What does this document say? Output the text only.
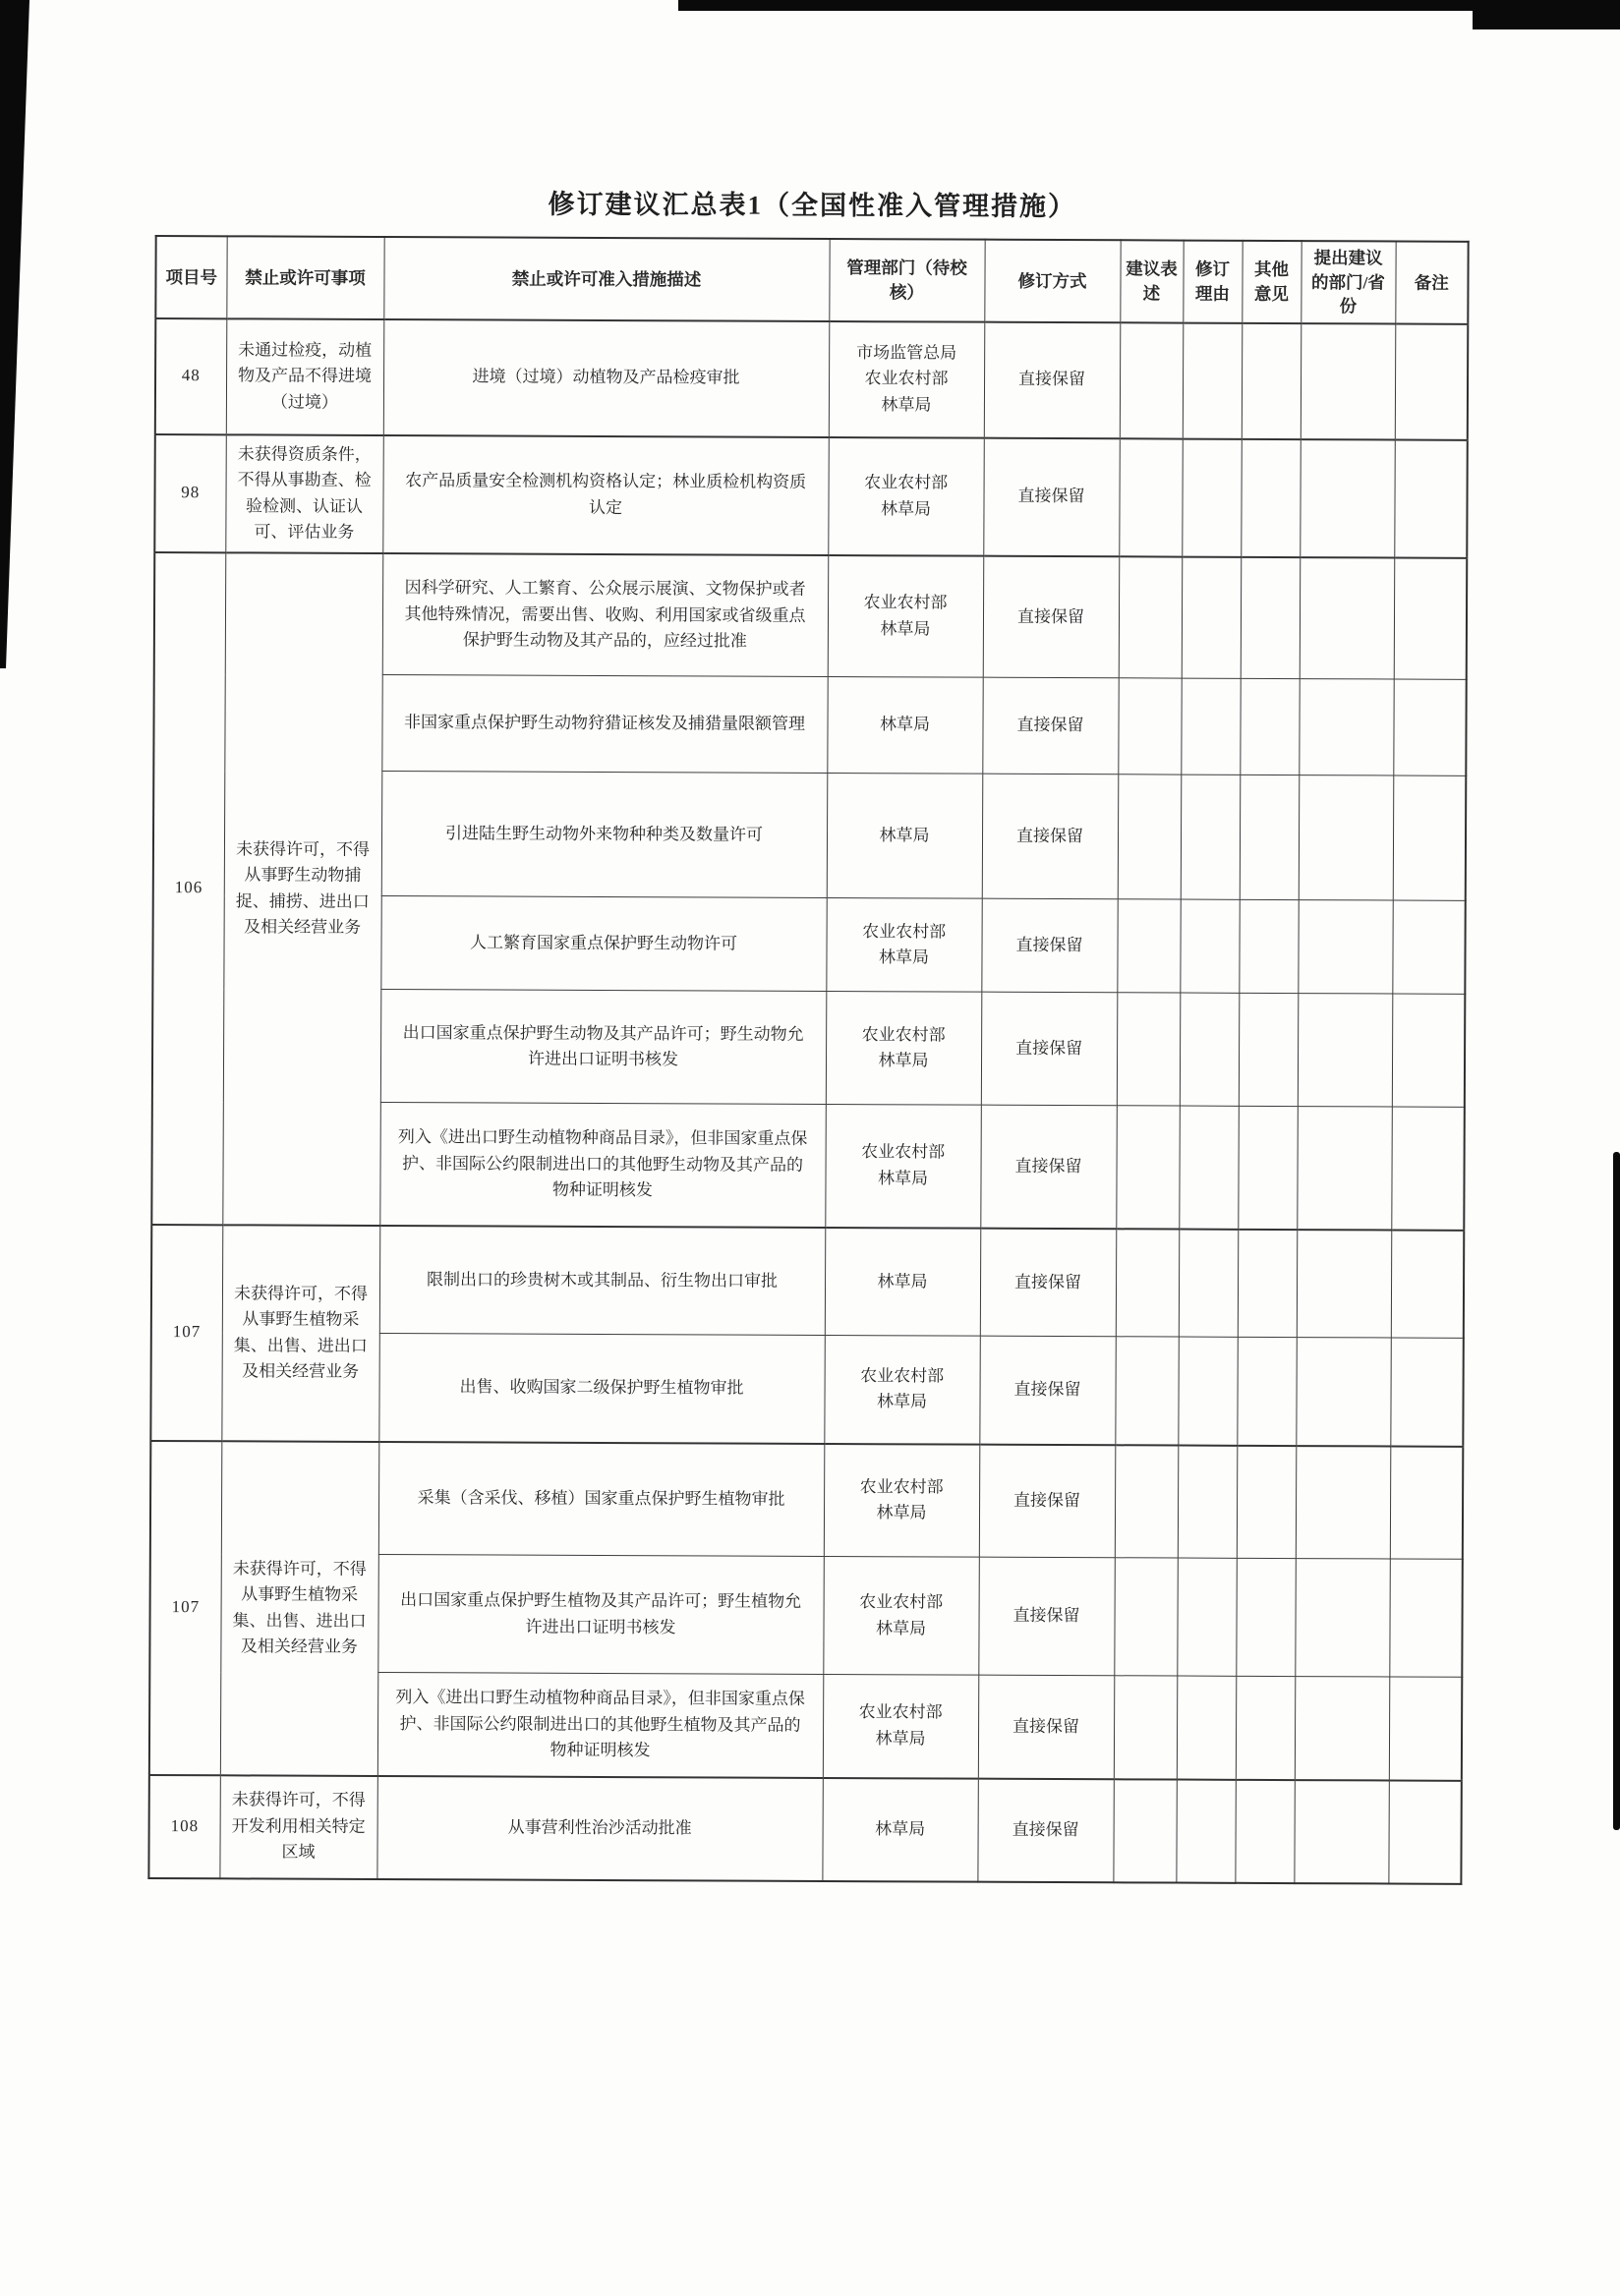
修订建议汇总表1（全国性准入管理措施）
项目号	禁止或许可事项	禁止或许可准入措施描述	管理部门（待校核）	修订方式	建议表述	修订理由	其他意见	提出建议的部门/省份	备注
48	未通过检疫，动植物及产品不得进境（过境）	进境（过境）动植物及产品检疫审批	市场监管总局
农业农村部
林草局	直接保留					
98	未获得资质条件，不得从事勘查、检验检测、认证认可、评估业务	农产品质量安全检测机构资格认定；林业质检机构资质认定	农业农村部
林草局	直接保留					
106	未获得许可，不得从事野生动物捕捉、捕捞、进出口及相关经营业务	因科学研究、人工繁育、公众展示展演、文物保护或者其他特殊情况，需要出售、收购、利用国家或省级重点保护野生动物及其产品的，应经过批准	农业农村部
林草局	直接保留					
		非国家重点保护野生动物狩猎证核发及捕猎量限额管理	林草局	直接保留					
		引进陆生野生动物外来物种种类及数量许可	林草局	直接保留					
		人工繁育国家重点保护野生动物许可	农业农村部
林草局	直接保留					
		出口国家重点保护野生动物及其产品许可；野生动物允许进出口证明书核发	农业农村部
林草局	直接保留					
		列入《进出口野生动植物种商品目录》，但非国家重点保护、非国际公约限制进出口的其他野生动物及其产品的物种证明核发	农业农村部
林草局	直接保留					
107	未获得许可，不得从事野生植物采集、出售、进出口及相关经营业务	限制出口的珍贵树木或其制品、衍生物出口审批	林草局	直接保留					
		出售、收购国家二级保护野生植物审批	农业农村部
林草局	直接保留					
107	未获得许可，不得从事野生植物采集、出售、进出口及相关经营业务	采集（含采伐、移植）国家重点保护野生植物审批	农业农村部
林草局	直接保留					
		出口国家重点保护野生植物及其产品许可；野生植物允许进出口证明书核发	农业农村部
林草局	直接保留					
		列入《进出口野生动植物种商品目录》，但非国家重点保护、非国际公约限制进出口的其他野生植物及其产品的物种证明核发	农业农村部
林草局	直接保留					
108	未获得许可，不得开发利用相关特定区域	从事营利性治沙活动批准	林草局	直接保留					
